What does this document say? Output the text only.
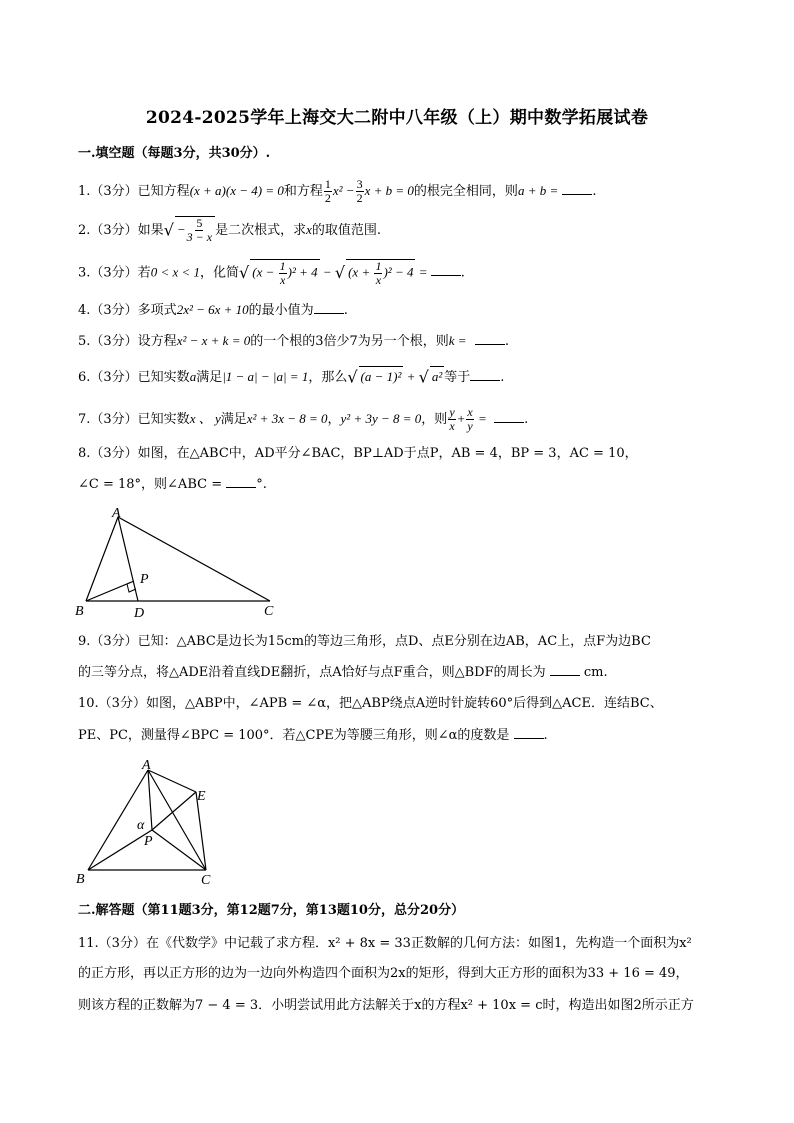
2024-2025学年上海交大二附中八年级（上）期中数学拓展试卷
一.填空题（每题3分，共30分）.
1.（3分）已知方程(x + a)(x − 4) = 0和方程 $\frac{1}{2} x^2 - \frac{3}{2}$ x + b = 0的根完全相同，则a + b =	.
2.（3分）如果√ − $\frac{5}{3 - x}$ 是二次根式，求x的取值范围.
3.（3分）若0 < x < 1，化简√ $(x - \frac{1}{x} )^2 + 4$ − √ $(x + \frac{1}{x} )^2 - 4$ = .
4.（3分）多项式2x² − 6x + 10的最小值为 .
5.（3分）设方程x² − x + k = 0的一个根的3倍少7为另一个根，则k =	.
6.（3分）已知实数a满足|1 − a| − |a| = 1，那么√ (a − 1)² + √ a² 等于 .
7.（3分）已知实数x 、 y满足x² + 3x − 8 = 0，y² + 3y − 8 = 0，则 $\frac{y}{x} + \frac{x}{y}$ =	.
8.（3分）如图，在△ABC中，AD平分∠BAC，BP⊥AD于点P，AB = 4，BP = 3，AC = 10，
∠C = 18°，则∠ABC =	°.
A
B	D	C
P
9.（3分）已知：△ABC是边长为15cm的等边三角形，点D、点E分别在边AB，AC上，点F为边BC
的三等分点，将△ADE沿着直线DE翻折，点A恰好与点F重合，则△BDF的周长为	cm.
10.（3分）如图，△ABP中，∠APB = ∠α，把△ABP绕点A逆时针旋转60°后得到△ACE．连结BC、
PE、PC，测量得∠BPC = 100°．若△CPE为等腰三角形，则∠α的度数是	.
A
E
α
P
B	C
二.解答题（第11题3分，第12题7分，第13题10分，总分20分）
11.（3分）在《代数学》中记载了求方程．x² + 8x = 33正数解的几何方法：如图1，先构造一个面积为x²
的正方形，再以正方形的边为一边向外构造四个面积为2x的矩形，得到大正方形的面积为33 + 16 = 49，
则该方程的正数解为7 − 4 = 3．小明尝试用此方法解关于x的方程x² + 10x = c时，构造出如图2所示正方
